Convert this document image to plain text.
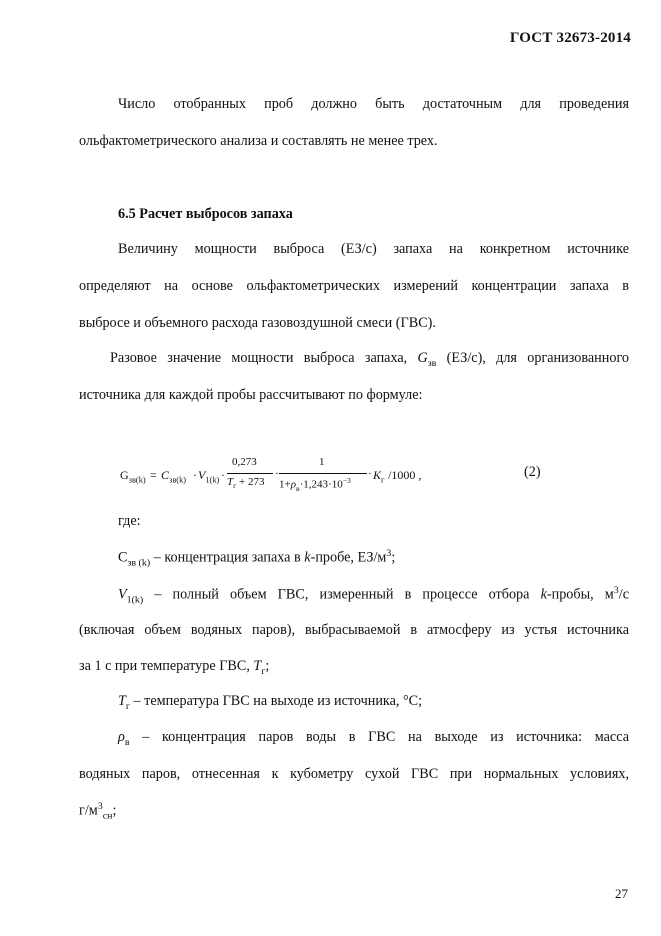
ГОСТ 32673-2014
Число отобранных проб должно быть достаточным для проведения
ольфактометрического анализа и составлять не менее трех.
6.5 Расчет выбросов запаха
Величину мощности выброса (ЕЗ/с) запаха на конкретном источнике
определяют на основе ольфактометрических измерений концентрации запаха в
выбросе и объемного расхода газовоздушной смеси (ГВС).
Разовое значение мощности выброса запаха, $G_{зв}$ (ЕЗ/с), для организованного
источника для каждой пробы рассчитывают по формуле:
$G_{зв(k)} = C_{зв(k)} \cdot V_{1(k)}$ ·
0,273
$T_г + 273$
·
1
$1+\rho_в\cdot 1,243\cdot 10^{-3}$
· $K_г$ /1000 ,	(2)
где:
$С_{зв (k)}$ – концентрация запаха в k-пробе, $ЕЗ/м^3$;
$V_{1(k)}$ – полный объем ГВС, измеренный в процессе отбора k-пробы, $м^3/с$
(включая объем водяных паров), выбрасываемой в атмосферу из устья источника
за 1 с при температуре ГВС, $T_г$;
$T_г$ – температура ГВС на выходе из источника, °С;
$\rho_в$ – концентрация паров воды в ГВС на выходе из источника: масса
водяных паров, отнесенная к кубометру сухой ГВС при нормальных условиях,
$г/м^3_{сн}$;
27
